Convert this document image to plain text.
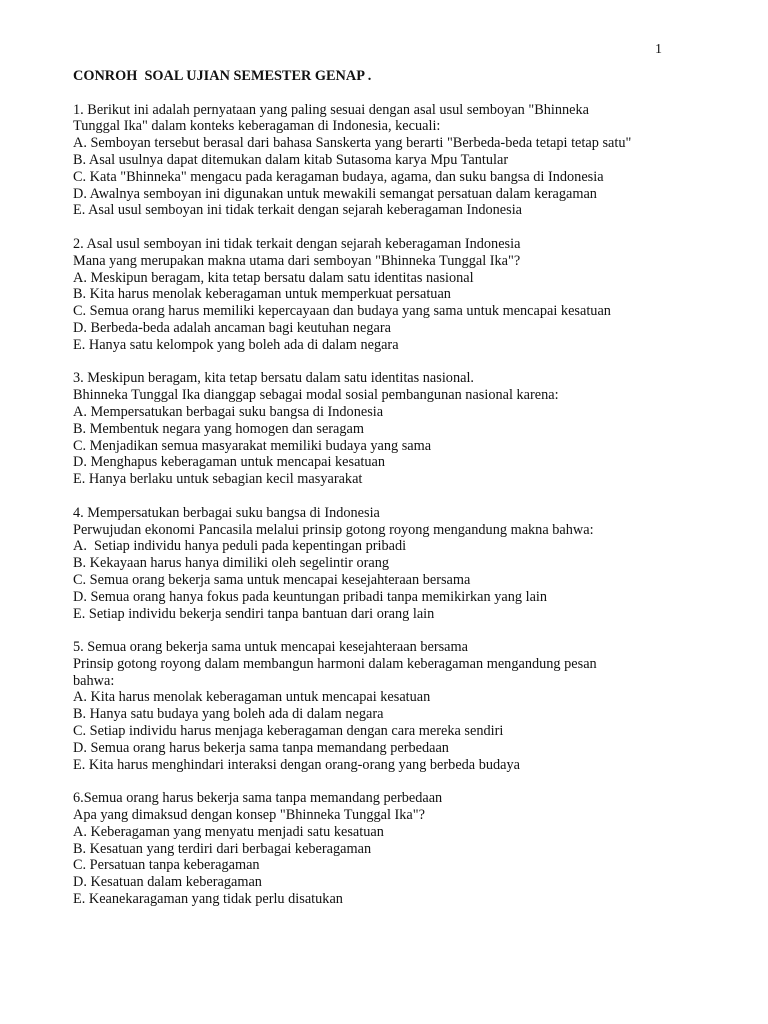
1
CONROH  SOAL UJIAN SEMESTER GENAP .
1. Berikut ini adalah pernyataan yang paling sesuai dengan asal usul semboyan "Bhinneka
Tunggal Ika" dalam konteks keberagaman di Indonesia, kecuali:
A. Semboyan tersebut berasal dari bahasa Sanskerta yang berarti "Berbeda-beda tetapi tetap satu"
B. Asal usulnya dapat ditemukan dalam kitab Sutasoma karya Mpu Tantular
C. Kata "Bhinneka" mengacu pada keragaman budaya, agama, dan suku bangsa di Indonesia
D. Awalnya semboyan ini digunakan untuk mewakili semangat persatuan dalam keragaman
E. Asal usul semboyan ini tidak terkait dengan sejarah keberagaman Indonesia
2. Asal usul semboyan ini tidak terkait dengan sejarah keberagaman Indonesia
Mana yang merupakan makna utama dari semboyan "Bhinneka Tunggal Ika"?
A. Meskipun beragam, kita tetap bersatu dalam satu identitas nasional
B. Kita harus menolak keberagaman untuk memperkuat persatuan
C. Semua orang harus memiliki kepercayaan dan budaya yang sama untuk mencapai kesatuan
D. Berbeda-beda adalah ancaman bagi keutuhan negara
E. Hanya satu kelompok yang boleh ada di dalam negara
3. Meskipun beragam, kita tetap bersatu dalam satu identitas nasional.
Bhinneka Tunggal Ika dianggap sebagai modal sosial pembangunan nasional karena:
A. Mempersatukan berbagai suku bangsa di Indonesia
B. Membentuk negara yang homogen dan seragam
C. Menjadikan semua masyarakat memiliki budaya yang sama
D. Menghapus keberagaman untuk mencapai kesatuan
E. Hanya berlaku untuk sebagian kecil masyarakat
4. Mempersatukan berbagai suku bangsa di Indonesia
Perwujudan ekonomi Pancasila melalui prinsip gotong royong mengandung makna bahwa:
A.  Setiap individu hanya peduli pada kepentingan pribadi
B. Kekayaan harus hanya dimiliki oleh segelintir orang
C. Semua orang bekerja sama untuk mencapai kesejahteraan bersama
D. Semua orang hanya fokus pada keuntungan pribadi tanpa memikirkan yang lain
E. Setiap individu bekerja sendiri tanpa bantuan dari orang lain
5. Semua orang bekerja sama untuk mencapai kesejahteraan bersama
Prinsip gotong royong dalam membangun harmoni dalam keberagaman mengandung pesan
bahwa:
A. Kita harus menolak keberagaman untuk mencapai kesatuan
B. Hanya satu budaya yang boleh ada di dalam negara
C. Setiap individu harus menjaga keberagaman dengan cara mereka sendiri
D. Semua orang harus bekerja sama tanpa memandang perbedaan
E. Kita harus menghindari interaksi dengan orang-orang yang berbeda budaya
6.Semua orang harus bekerja sama tanpa memandang perbedaan
Apa yang dimaksud dengan konsep "Bhinneka Tunggal Ika"?
A. Keberagaman yang menyatu menjadi satu kesatuan
B. Kesatuan yang terdiri dari berbagai keberagaman
C. Persatuan tanpa keberagaman
D. Kesatuan dalam keberagaman
E. Keanekaragaman yang tidak perlu disatukan
